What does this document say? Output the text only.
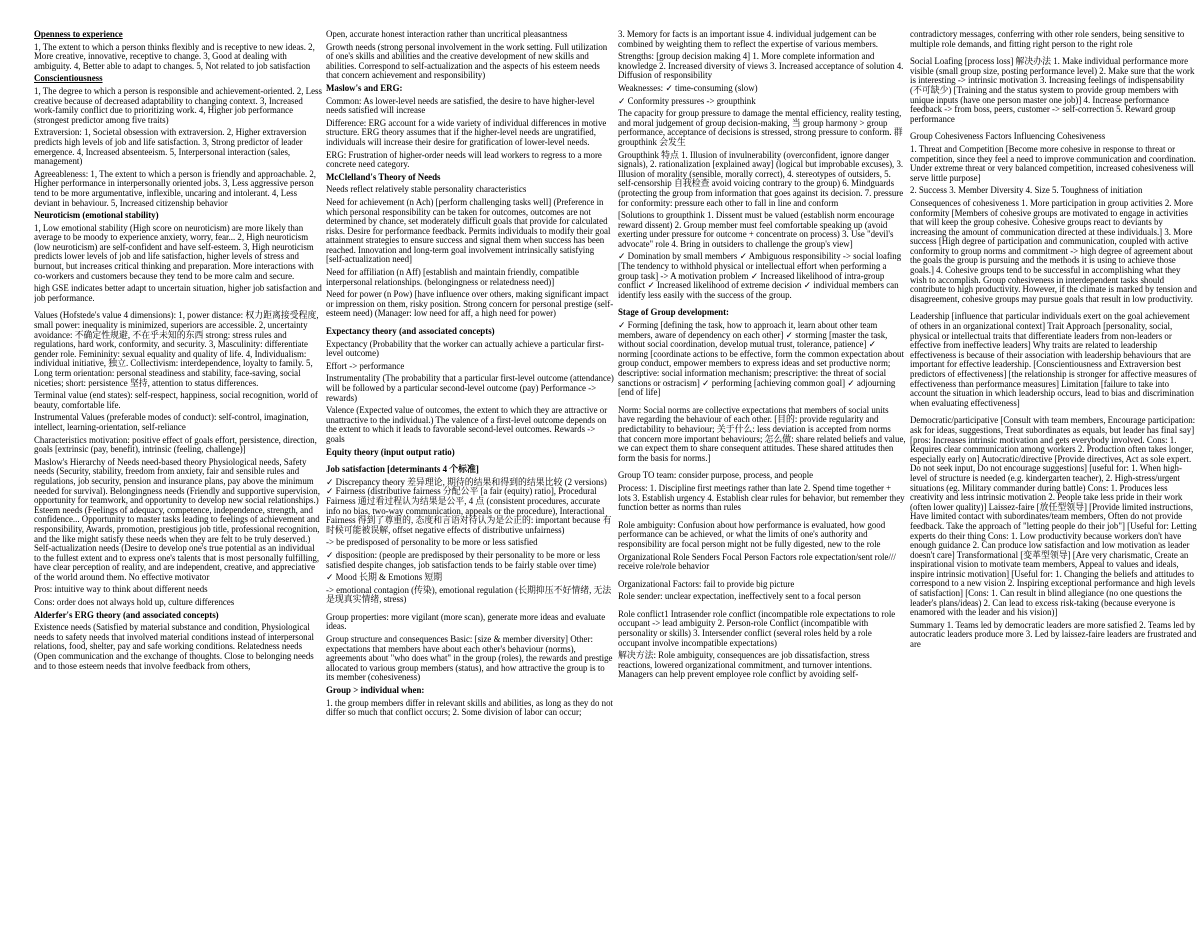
Openness to experience

1, The extent to which a person thinks flexibly and is receptive to new ideas. 2, More creative, innovative, receptive to change. 3, Good at dealing with ambiguity. 4, Better able to adapt to changes. 5, Not related to job satisfaction

Conscientiousness

1, The degree to which a person is responsible and achievement-oriented. 2, Less creative because of decreased adaptability to changing context. 3, Increased work-family conflict due to prioritizing work. 4, Higher job performance (strongest predictor among five traits)

Extraversion: 1, Societal obsession with extraversion. 2, Higher extraversion predicts high levels of job and life satisfaction. 3, Strong predictor of leader emergence. 4, Increased absenteeism. 5, Interpersonal interaction (sales, management)

Agreeableness: 1, The extent to which a person is friendly and approachable. 2, Higher performance in interpersonally oriented jobs. 3, Less aggressive person tend to be more argumentative, inflexible, uncaring and intolerant. 4, Less deviant in behaviour. 5, Increased citizenship behavior

Neuroticism (emotional stability)

1, Low emotional stability (High score on neuroticism) are more likely than average to be moody to experience anxiety, worry, fear... 2, High neuroticism (low neuroticism) are self-confident and have self-esteem. 3, High neuroticism predicts lower levels of job and life satisfaction, higher levels of stress and burnout, but increases critical thinking and preparation. More interactions with co-workers and customers because they tend to be more calm and secure.

high GSE indicates better adapt to uncertain situation, higher job satisfaction and job performance.

Values (Hofstede's value 4 dimensions): 1, power distance: 权力距离接受程度, small power: inequality is minimized, superiors are accessible. 2, uncertainty avoidance: 不确定性规避, 不在乎未知的东西 strong: stress rules and regulations, hard work, conformity, and security. 3, Masculinity: differentiate gender role. Femininity: sexual equality and quality of life. 4, Individualism: individual initiative, 独立. Collectivism: interdependence, loyalty to family. 5, Long term orientation: personal steadiness and stability, face-saving, social niceties; short: persistence 坚持, attention to status differences.

Terminal value (end states): self-respect, happiness, social recognition, world of beauty, comfortable life.

Instrumental Values (preferable modes of conduct): self-control, imagination, intellect, learning-orientation, self-reliance

Characteristics motivation: positive effect of goals effort, persistence, direction, goals [extrinsic (pay, benefit), intrinsic (feeling, challenge)]

Maslow's Hierarchy of Needs need-based theory Physiological needs, Safety needs (Security, stability, freedom from anxiety, fair and sensible rules and regulations, job security, pension and insurance plans, pay above the minimum needed for survival). Belongingness needs (Friendly and supportive supervision, opportunity for teamwork, and opportunity to develop new social relationships.) Esteem needs (Feelings of adequacy, competence, independence, strength, and confidence... Opportunity to master tasks leading to feelings of achievement and responsibility, Awards, promotion, prestigious job title, professional recognition, and the like might satisfy these needs when they are felt to be truly deserved.) Self-actualization needs (Desire to develop one's true potential as an individual to the fullest extent and to express one's talents that is most personally fulfilling, have clear perception of reality, and are independent, creative, and appreciative of the world around them. No effective motivator

Pros: intuitive way to think about different needs

Cons: order does not always hold up, culture differences

Alderfer's ERG theory (and associated concepts)

Existence needs (Satisfied by material substance and condition, Physiological needs to safety needs that involved material conditions instead of interpersonal relations, food, shelter, pay and safe working conditions. Relatedness needs (Open communication and the exchange of thoughts. Close to belonging needs and to those esteem needs that involve feedback from others,

Open, accurate honest interaction rather than uncritical pleasantness

Growth needs (strong personal involvement in the work setting. Full utilization of one's skills and abilities and the creative development of new skills and abilities. Correspond to self-actualization and the aspects of his esteem needs that concern achievement and responsibility)

Maslow's and ERG:

Common: As lower-level needs are satisfied, the desire to have higher-level needs satisfied will increase

Difference: ERG account for a wide variety of individual differences in motive structure. ERG theory assumes that if the higher-level needs are ungratified, individuals will increase their desire for gratification of lower-level needs.

ERG: Frustration of higher-order needs will lead workers to regress to a more concrete need category.

McClelland's Theory of Needs

Needs reflect relatively stable personality characteristics

Need for achievement (n Ach) [perform challenging tasks well] (Preference in which personal responsibility can be taken for outcomes, outcomes are not determined by chance, set moderately difficult goals that provide for calculated risks. Desire for performance feedback. Permits individuals to modify their goal attainment strategies to ensure success and signal them when success has been reached. Innovation and long-term goal involvement intrinsically satisfying [self-actualization need]

Need for affiliation (n Aff) [establish and maintain friendly, compatible interpersonal relationships. (belongingness or relatedness need)]

Need for power (n Pow) [have influence over others, making significant impact or impression on them, risky position. Strong concern for personal prestige (self-esteem need) (Manager: low need for aff, a high need for power)

Expectancy theory (and associated concepts)

Expectancy (Probability that the worker can actually achieve a particular first-level outcome)

Effort -> performance

Instrumentality (The probability that a particular first-level outcome (attendance) will be followed by a particular second-level outcome (pay) Performance -> rewards)

Valence (Expected value of outcomes, the extent to which they are attractive or unattractive to the individual.) The valence of a first-level outcome depends on the extent to which it leads to favorable second-level outcomes. Rewards -> goals

Equity theory (input output ratio)

Job satisfaction [determinants 4 个标准]

✓ Discrepancy theory 差异理论, 期待的结果和得到的结果比较 (2 versions) ✓ Fairness (distributive fairness 分配公平 [a fair (equity) ratio], Procedural Fairness 通过看过程认为结果是公平, 4 点 (consistent procedures, accurate info no bias, two-way communication, appeals or the procedure), Interactional Fairness 得到了尊重的, 态度和言语对待认为是公正的: important because 有时候可能被误解, offset negative effects of distributive unfairness)

-> be predisposed of personality to be more or less satisfied

✓ disposition: (people are predisposed by their personality to be more or less satisfied despite changes, job satisfaction tends to be fairly stable over time)

✓ Mood 长期 & Emotions 短期

-> emotional contagion (传染), emotional regulation (长期抑压不好情绪, 无法是现真实情绪, stress)

Group properties: more vigilant (more scan), generate more ideas and evaluate ideas.

Group structure and consequences Basic: [size & member diversity] Other: expectations that members have about each other's behaviour (norms), agreements about "who does what" in the group (roles), the rewards and prestige allocated to various group members (status), and how attractive the group is to its member (cohesiveness)

Group > individual when:

1. the group members differ in relevant skills and abilities, as long as they do not differ so much that conflict occurs; 2. Some division of labor can occur;

3. Memory for facts is an important issue 4. individual judgement can be combined by weighting them to reflect the expertise of various members.

Strengths: [group decision making 4] 1. More complete information and knowledge 2. Increased diversity of views 3. Increased acceptance of solution 4. Diffusion of responsibility

Weaknesses: ✓ time-consuming (slow)

✓ Conformity pressures -> groupthink

The capacity for group pressure to damage the mental efficiency, reality testing, and moral judgement of group decision-making, 当 group harmony > group performance, acceptance of decisions is stressed, strong pressure to conform. 群 groupthink 会发生

Groupthink 特点 1. Illusion of invulnerability (overconfident, ignore danger signals), 2. rationalization [explained away] (logical but improbable excuses), 3. Illusion of morality (sensible, morally correct), 4. stereotypes of outsiders, 5. self-censorship 自我检查 avoid voicing contrary to the group) 6. Mindguards (protecting the group from information that goes against its decision. 7. pressure for conformity: pressure each other to fall in line and conform

[Solutions to groupthink 1. Dissent must be valued (establish norm encourage reward dissent) 2. Group member must feel comfortable speaking up (avoid exerting under pressure for outcome + concentrate on process) 3. Use "devil's advocate" role 4. Bring in outsiders to challenge the group's view]

✓ Domination by small members ✓ Ambiguous responsibility -> social loafing [The tendency to withhold physical or intellectual effort when performing a group task] -> A motivation problem ✓ Increased likelihood of intra-group conflict ✓ Increased likelihood of extreme decision ✓ individual members can identify less easily with the success of the group.

Stage of Group development:

✓ Forming [defining the task, how to approach it, learn about other team members, aware of dependency on each other] ✓ storming [master the task, without social coordination, develop mutual trust, tolerance, patience] ✓ norming [coordinate actions to be effective, form the common expectation about group conduct, empower members to express ideas and set productive norm; descriptive: social information mechanism; prescriptive: the threat of social sanctions or ostracism] ✓ performing [achieving common goal] ✓ adjourning [end of life]

Norm: Social norms are collective expectations that members of social units have regarding the behaviour of each other. [目的: provide regularity and predictability to behaviour; 关于什么: less deviation is accepted from norms that concern more important behaviours; 怎么做: share related beliefs and value, we can expect them to share consequent attitudes. These shared attitudes then form the basis for norms.]

Group TO team: consider purpose, process, and people

Process: 1. Discipline first meetings rather than late 2. Spend time together + lots 3. Establish urgency 4. Establish clear rules for behavior, but remember they function better as norms than rules

Role ambiguity: Confusion about how performance is evaluated, how good performance can be achieved, or what the limits of one's authority and responsibility are focal person might not be fully digested, new to the role

Organizational Role Senders Focal Person Factors role expectation/sent role/// receive role/role behavior

Organizational Factors: fail to provide big picture

Role sender: unclear expectation, ineffectively sent to a focal person

Role conflict1 Intrasender role conflict (incompatible role expectations to role occupant -> lead ambiguity 2. Person-role Conflict (incompatible with personality or skills) 3. Intersender conflict (several roles held by a role occupant involve incompatible expectations)

解决方法: Role ambiguity, consequences are job dissatisfaction, stress reactions, lowered organizational commitment, and turnover intentions. Managers can help prevent employee role conflict by avoiding self-

contradictory messages, conferring with other role senders, being sensitive to multiple role demands, and fitting right person to the right role

Social Loafing [process loss] 解决办法 1. Make individual performance more visible (small group size, posting performance level) 2. Make sure that the work is interesting -> intrinsic motivation 3. Increasing feelings of indispensability (不可缺少) [Training and the status system to provide group members with unique inputs (have one person master one job)] 4. Increase performance feedback -> from boss, peers, customer -> self-correction 5. Reward group performance

Group Cohesiveness Factors Influencing Cohesiveness

1. Threat and Competition [Become more cohesive in response to threat or competition, since they feel a need to improve communication and coordination. Under extreme threat or very balanced competition, increased cohesiveness will serve little purpose]

2. Success 3. Member Diversity 4. Size 5. Toughness of initiation

Consequences of cohesiveness 1. More participation in group activities 2. More conformity [Members of cohesive groups are motivated to engage in activities that will keep the group cohesive. Cohesive groups react to deviants by increasing the amount of communication directed at these individuals.] 3. More success [High degree of participation and communication, coupled with active conformity to group norms and commitment -> high degree of agreement about the goals the group is pursuing and the methods it is using to achieve those goals.] 4. Cohesive groups tend to be successful in accomplishing what they wish to accomplish. Group cohesiveness in interdependent tasks should contribute to high productivity. However, if the climate is marked by tension and disagreement, cohesive groups may pursue goals that result in low productivity.

Leadership [influence that particular individuals exert on the goal achievement of others in an organizational context] Trait Approach [personality, social, physical or intellectual traits that differentiate leaders from non-leaders or effective from ineffective leaders] Why traits are related to leadership effectiveness is because of their association with leadership behaviours that are important for effective leadership. [Conscientiousness and Extraversion best predictors of effectiveness] [the relationship is stronger for affective measures of effectiveness than performance measures] Limitation [failure to take into account the situation in which leadership occurs, lead to bias and discrimination when evaluating effectiveness]

Democratic/participative [Consult with team members, Encourage participation: ask for ideas, suggestions, Treat subordinates as equals, but leader has final say] [pros: Increases intrinsic motivation and gets everybody involved. Cons: 1. Requires clear communication among workers 2. Production often takes longer, especially early on] Autocratic/directive [Provide directives, Act as sole expert. Do not seek input, Do not encourage suggestions] [useful for: 1. When high-level of structure is needed (e.g. kindergarten teacher), 2. High-stress/urgent situations (eg. Military commander during battle) Cons: 1. Produces less creativity and less intrinsic motivation 2. People take less pride in their work (often lower quality)] Laissez-faire [放任型领导] [Provide limited instructions, Have limited contact with subordinates/team members, Often do not provide feedback. Take the approach of "letting people do their job"] [Useful for: Letting experts do their thing Cons: 1. Low productivity because workers don't have enough guidance 2. Can produce low satisfaction and low motivation as leader doesn't care] Transformational [变革型领导] [Are very charismatic, Create an inspirational vision to motivate team members, Appeal to values and ideals, inspire intrinsic motivation] [Useful for: 1. Changing the beliefs and attitudes to correspond to a new vision 2. Inspiring exceptional performance and high levels of satisfaction] [Cons: 1. Can result in blind allegiance (no one questions the leader's plans/ideas) 2. Can lead to excess risk-taking (because everyone is enamored with the leader and his vision)]

Summary 1. Teams led by democratic leaders are more satisfied 2. Teams led by autocratic leaders produce more 3. Led by laissez-faire leaders are frustrated and are
